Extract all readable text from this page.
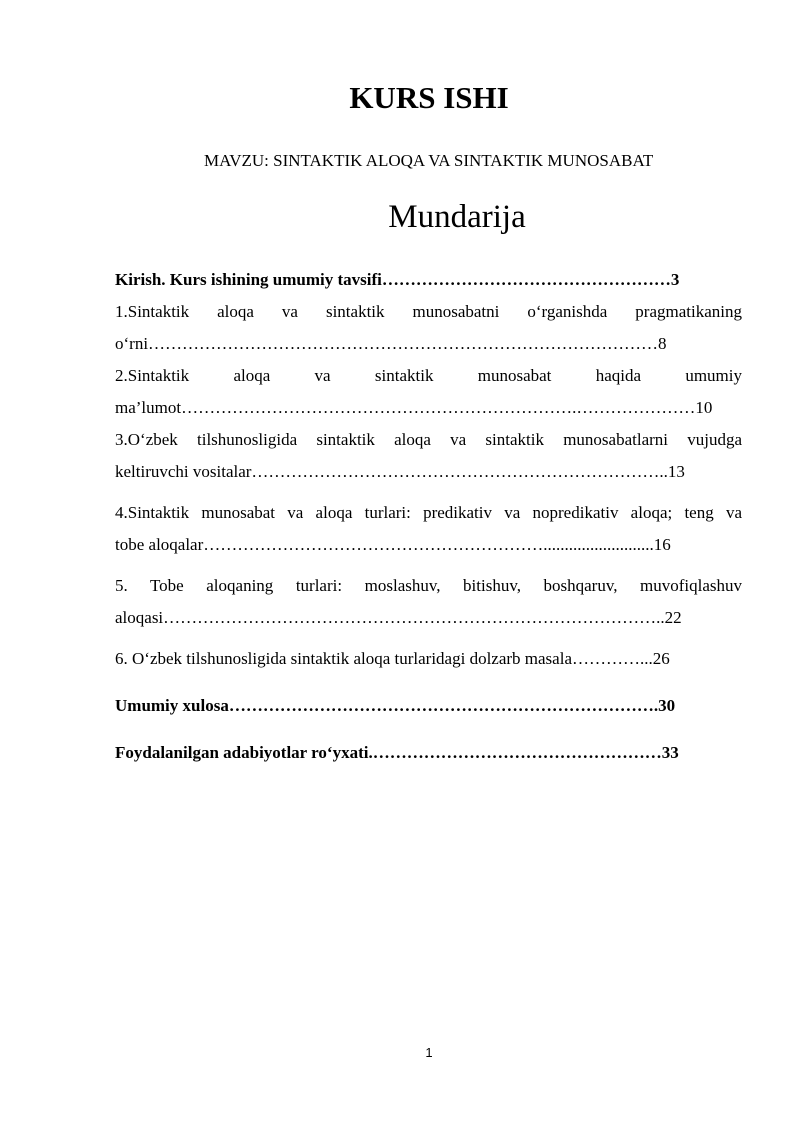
KURS ISHI

MAVZU: SINTAKTIK ALOQA VA SINTAKTIK MUNOSABAT

Mundarija
Kirish. Kurs ishining umumiy tavsifi……………………………………………3
1.Sintaktik aloqa va sintaktik munosabatni o‘rganishda pragmatikaning
o‘rni………………………………………………………………………………8
2.Sintaktik aloqa va sintaktik munosabat haqida umumiy
ma’lumot…………………………………………………………….…………………10
3.O‘zbek tilshunosligida sintaktik aloqa va sintaktik munosabatlarni vujudga
keltiruvchi vositalar………………………………………………………………..13
4.Sintaktik munosabat va aloqa turlari: predikativ va nopredikativ aloqa; teng va
tobe aloqalar……………………………………………………..........................16
5. Tobe aloqaning turlari: moslashuv, bitishuv, boshqaruv, muvofiqlashuv
aloqasi……………………………………………………………………………..22
6. O‘zbek tilshunosligida sintaktik aloqa turlaridagi dolzarb masala…………...26
Umumiy xulosa………………………………………………………………….30
Foydalanilgan adabiyotlar ro‘yxati.……………………………………………33
1
